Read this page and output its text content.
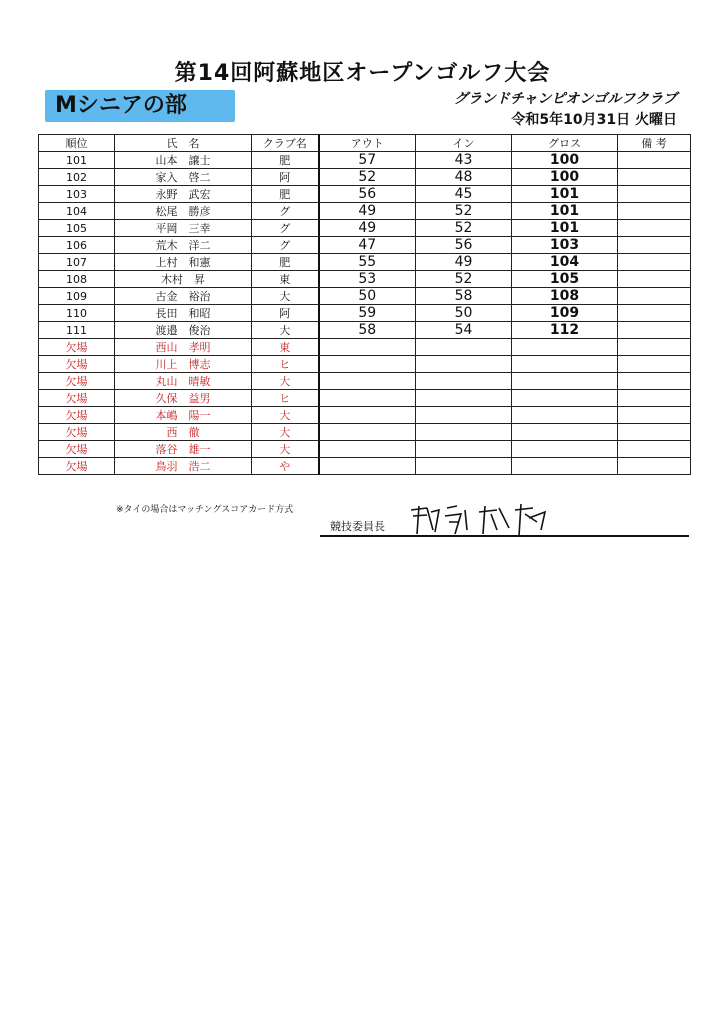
第14回阿蘇地区オープンゴルフ大会
Mシニアの部	グランドチャンピオンゴルフクラブ
令和5年10月31日 火曜日
順位	氏　名	クラブ名	アウト	イン	グロス	備 考
101	山本　譲士	肥	57	43	100	
102	家入　啓二	阿	52	48	100	
103	永野　武宏	肥	56	45	101	
104	松尾　勝彦	グ	49	52	101	
105	平岡　三幸	グ	49	52	101	
106	荒木　洋二	グ	47	56	103	
107	上村　和憲	肥	55	49	104	
108	木村　昇	東	53	52	105	
109	古金　裕治	大	50	58	108	
110	長田　和昭	阿	59	50	109	
111	渡邉　俊治	大	58	54	112	
欠場	西山　孝明	東				
欠場	川上　博志	ヒ				
欠場	丸山　晴敏	大				
欠場	久保　益男	ヒ				
欠場	本嶋　陽一	大				
欠場	西　徹	大				
欠場	落谷　雄一	大				
欠場	鳥羽　浩二	や				
※タイの場合はマッチングスコアカード方式
競技委員長
